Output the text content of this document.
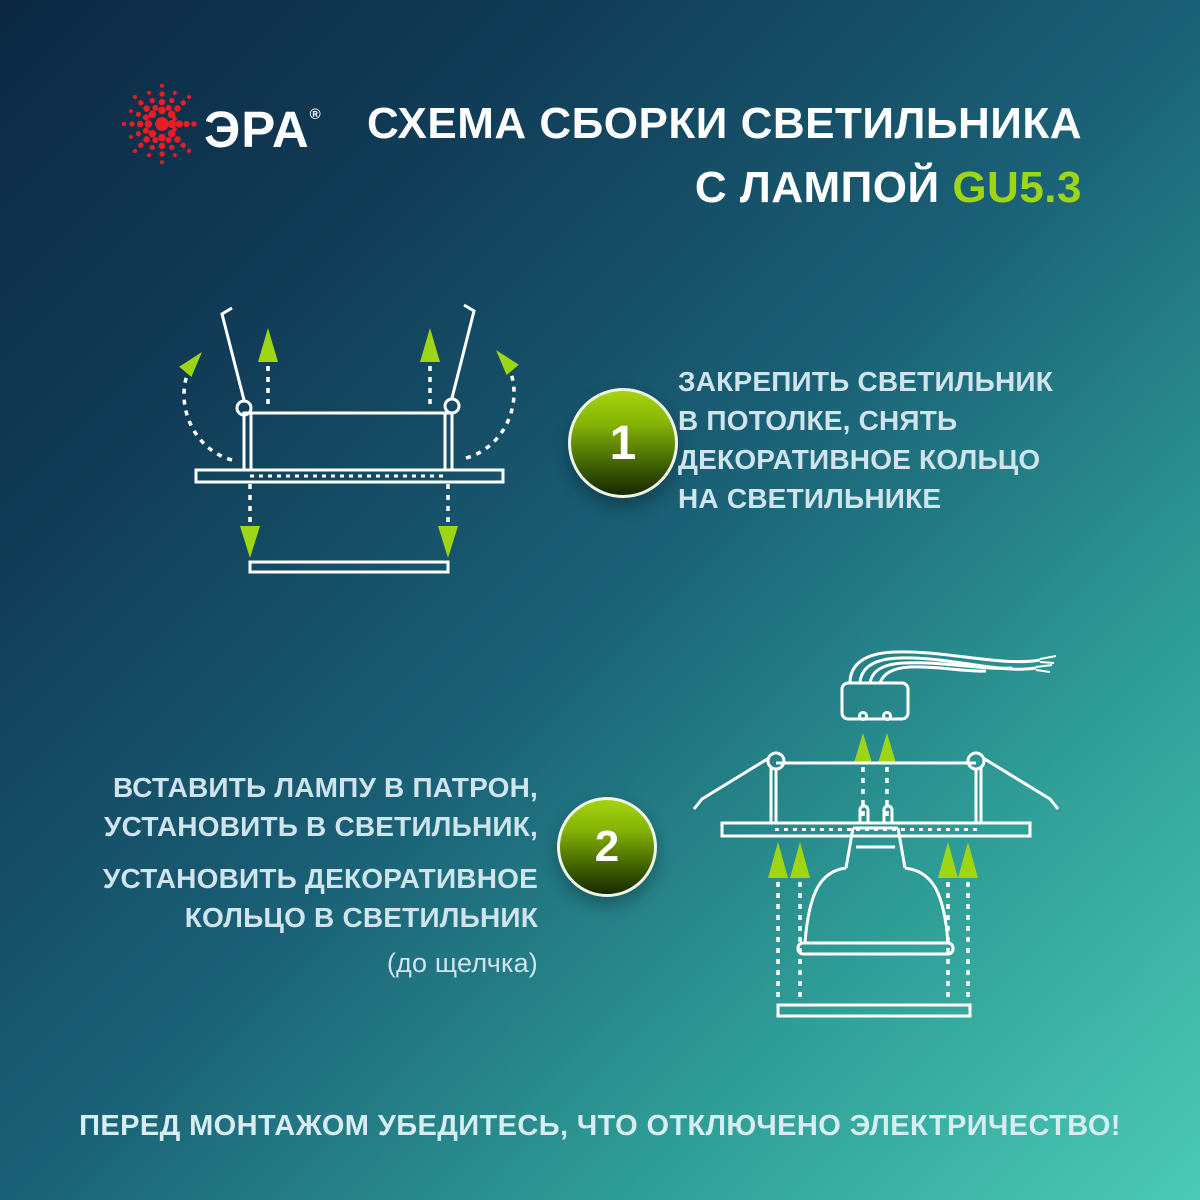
ЭРА® СХЕМА СБОРКИ СВЕТИЛЬНИКА
С ЛАМПОЙ GU5.3
1
ЗАКРЕПИТЬ СВЕТИЛЬНИК
В ПОТОЛКЕ, СНЯТЬ
ДЕКОРАТИВНОЕ КОЛЬЦО
НА СВЕТИЛЬНИКЕ
ВСТАВИТЬ ЛАМПУ В ПАТРОН,
УСТАНОВИТЬ В СВЕТИЛЬНИК,
УСТАНОВИТЬ ДЕКОРАТИВНОЕ
КОЛЬЦО В СВЕТИЛЬНИК
(до щелчка)
2
ПЕРЕД МОНТАЖОМ УБЕДИТЕСЬ, ЧТО ОТКЛЮЧЕНО ЭЛЕКТРИЧЕСТВО!
